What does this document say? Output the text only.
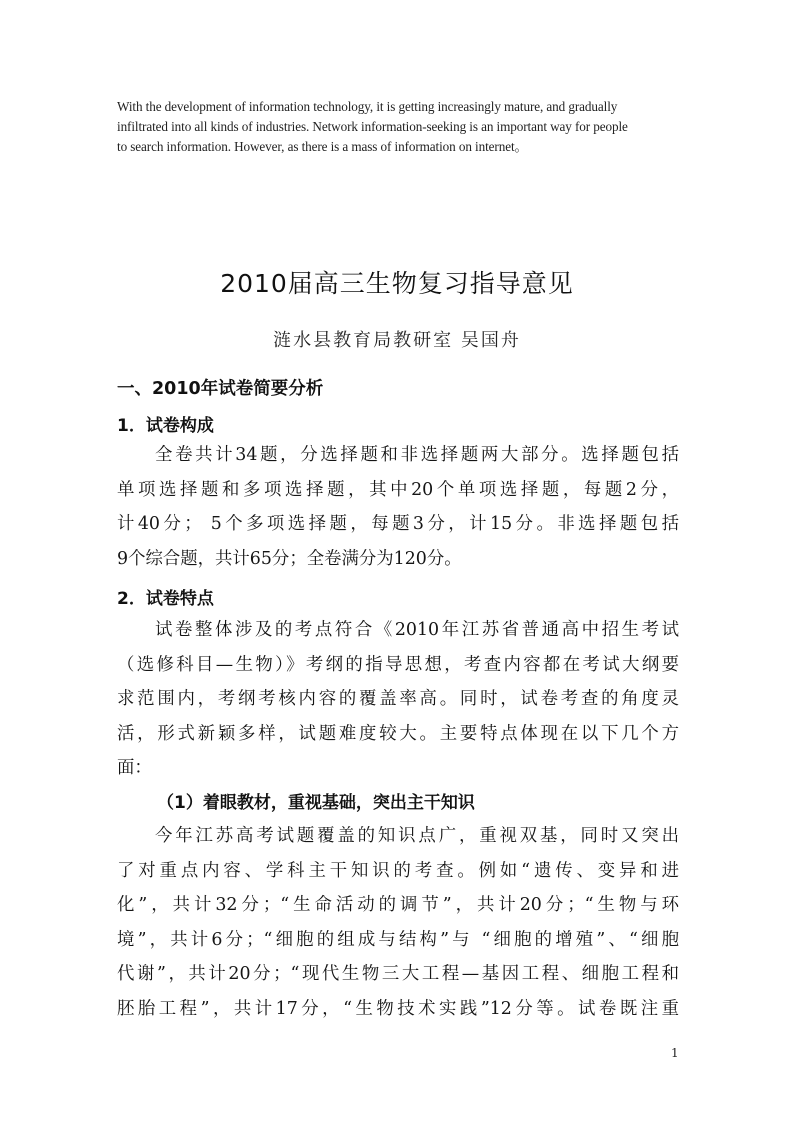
With the development of information technology, it is getting increasingly mature, and gradually
infiltrated into all kinds of industries. Network information-seeking is an important way for people
to search information. However, as there is a mass of information on internet。
2010届高三生物复习指导意见
涟水县教育局教研室 吴国舟
一、2010年试卷简要分析
1．试卷构成
全卷共计34题，分选择题和非选择题两大部分。选择题包括
单项选择题和多项选择题，其中20个单项选择题，每题2分，
计40分； 5个多项选择题，每题3分，计15分。非选择题包括
9个综合题，共计65分；全卷满分为120分。
2．试卷特点
试卷整体涉及的考点符合《2010年江苏省普通高中招生考试
（选修科目—生物）》考纲的指导思想，考查内容都在考试大纲要
求范围内，考纲考核内容的覆盖率高。同时，试卷考查的角度灵
活，形式新颖多样，试题难度较大。主要特点体现在以下几个方
面：
（1）着眼教材，重视基础，突出主干知识
今年江苏高考试题覆盖的知识点广，重视双基，同时又突出
了对重点内容、学科主干知识的考查。例如“遗传、变异和进
化”，共计32分；“生命活动的调节”，共计20分；“生物与环
境”，共计6分；“细胞的组成与结构”与 “细胞的增殖”、“细胞
代谢”，共计20分；“现代生物三大工程—基因工程、细胞工程和
胚胎工程”，共计17分，“生物技术实践”12分等。试卷既注重
1
